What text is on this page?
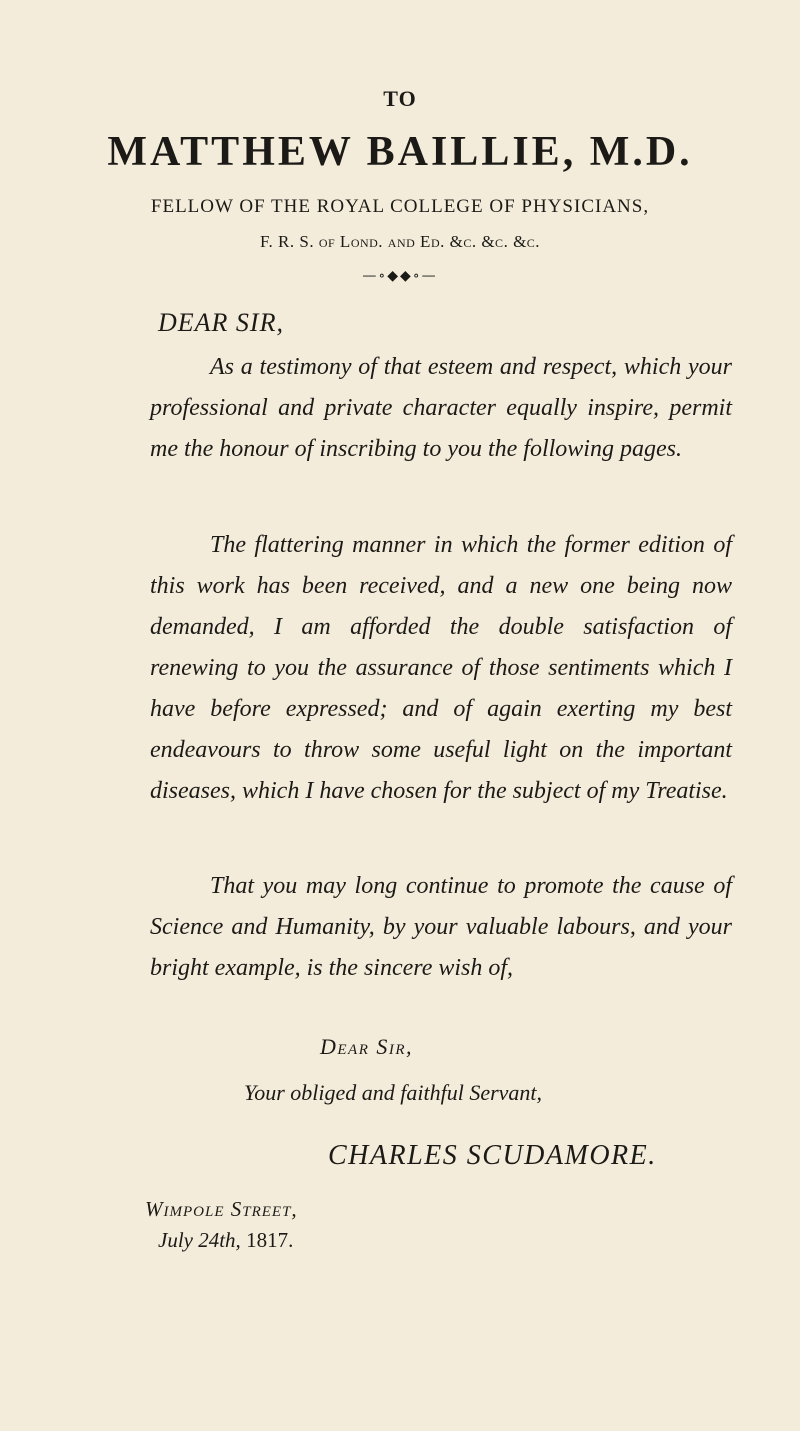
TO
MATTHEW BAILLIE, M.D.
FELLOW OF THE ROYAL COLLEGE OF PHYSICIANS,
F. R. S. of Lond. and Ed. &c. &c. &c.
—∘◆◆∘—
DEAR SIR,
As a testimony of that esteem and respect, which your professional and private character equally inspire, permit me the honour of inscribing to you the following pages.
The flattering manner in which the former edition of this work has been received, and a new one being now demanded, I am afforded the double satisfaction of renewing to you the assurance of those sentiments which I have before expressed; and of again exerting my best endeavours to throw some useful light on the important diseases, which I have chosen for the subject of my Treatise.
That you may long continue to promote the cause of Science and Humanity, by your valuable labours, and your bright example, is the sincere wish of,
Dear Sir,
Your obliged and faithful Servant,
CHARLES SCUDAMORE.
Wimpole Street,
July 24th, 1817.
